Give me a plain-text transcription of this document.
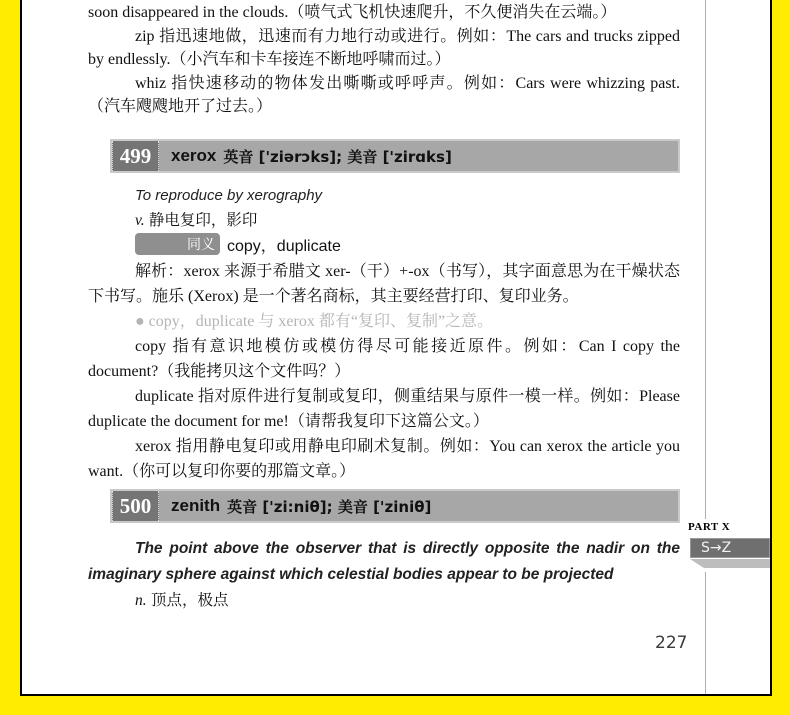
soon disappeared in the clouds.（喷气式飞机快速爬升，不久便消失在云端。）

zip 指迅速地做，迅速而有力地行动或进行。例如：The cars and trucks zipped by endlessly.（小汽车和卡车接连不断地呼啸而过。）

whiz 指快速移动的物体发出嘶嘶或呼呼声。例如：Cars were whizzing past.（汽车飕飕地开了过去。）

499	xerox 英音 ['ziərɔks]; 美音 ['zirɑks]

To reproduce by xerography

v. 静电复印，影印

同义 copy，duplicate

解析：xerox 来源于希腊文 xer-（干）+-ox（书写），其字面意思为在干燥状态下书写。施乐 (Xerox) 是一个著名商标，其主要经营打印、复印业务。

● copy，duplicate 与 xerox 都有“复印、复制”之意。

copy 指有意识地模仿或模仿得尽可能接近原件。例如：Can I copy the document?（我能拷贝这个文件吗？）

duplicate 指对原件进行复制或复印，侧重结果与原件一模一样。例如：Please duplicate the document for me!（请帮我复印下这篇公文。）

xerox 指用静电复印或用静电印刷术复制。例如：You can xerox the article you want.（你可以复印你要的那篇文章。）

500	zenith 英音 ['zi:niθ]; 美音 ['ziniθ]

The point above the observer that is directly opposite the nadir on the imaginary sphere against which celestial bodies appear to be projected

n. 顶点，极点

PART X
S→Z
227
